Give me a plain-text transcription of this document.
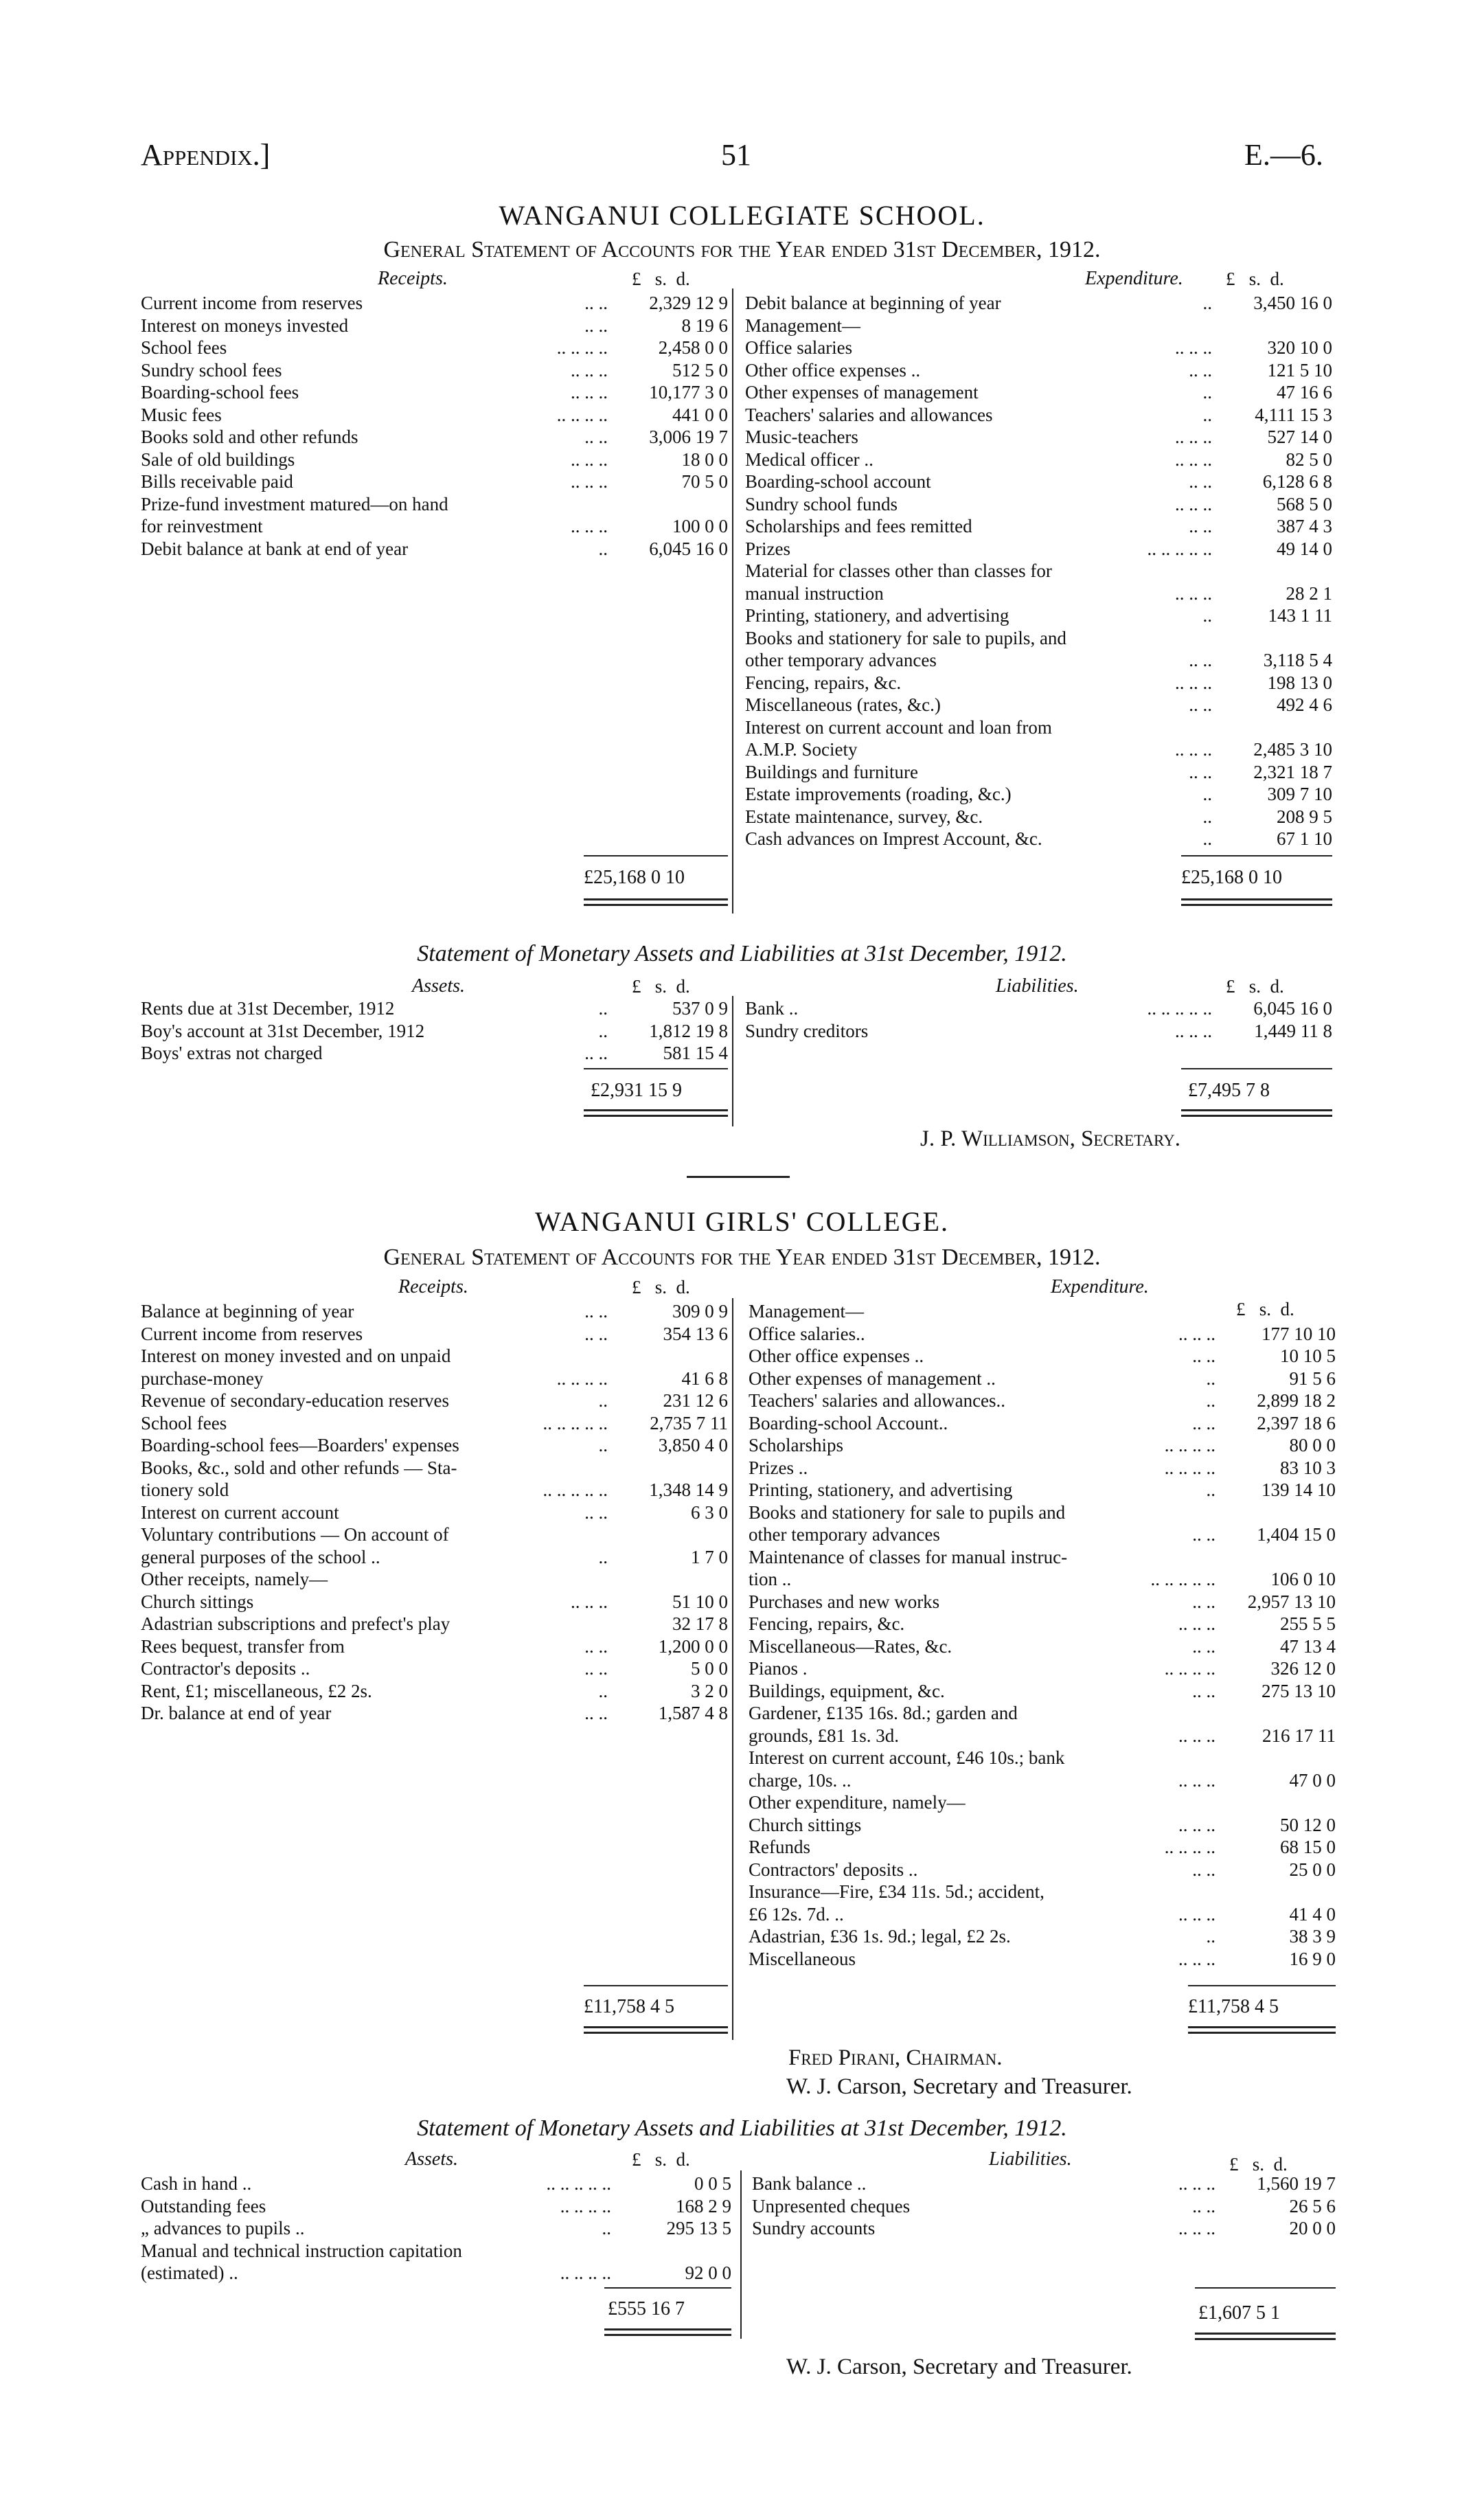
Appendix.]	51	E.—6.
WANGANUI COLLEGIATE SCHOOL.
General Statement of Accounts for the Year ended 31st December, 1912.
Receipts.	Expenditure.
£   s.  d.	£   s.  d.
Current income from reserves	.. .. 2,329 12 9
Interest on moneys invested	.. ..	8 19 6
School fees	.. .. .. ..	2,458 0 0
Sundry school fees	.. .. ..	512 5 0
Boarding-school fees	.. .. .. 10,177 3 0
Music fees	.. .. .. ..	441 0 0
Books sold and other refunds	.. .. 3,006 19 7
Sale of old buildings	.. .. ..	18 0 0
Bills receivable paid	.. .. ..	70 5 0
Prize-fund investment matured—on hand
for reinvestment	.. .. ..	100 0 0
Debit balance at bank at end of year	.. 6,045 16 0
Debit balance at beginning of year	.. 3,450 16 0
Management—
Office salaries	.. .. ..	320 10 0
Other office expenses ..	.. ..	121 5 10
Other expenses of management	..	47 16 6
Teachers' salaries and allowances	.. 4,111 15 3
Music-teachers	.. .. ..	527 14 0
Medical officer ..	.. .. ..	82 5 0
Boarding-school account	.. ..	6,128 6 8
Sundry school funds	.. .. ..	568 5 0
Scholarships and fees remitted	.. ..	387 4 3
Prizes	.. .. .. .. ..	49 14 0
Material for classes other than classes for
manual instruction	.. .. ..	28 2 1
Printing, stationery, and advertising	..	143 1 11
Books and stationery for sale to pupils, and
other temporary advances	.. ..	3,118 5 4
Fencing, repairs, &c.	.. .. ..	198 13 0
Miscellaneous (rates, &c.)	.. ..	492 4 6
Interest on current account and loan from
A.M.P. Society	.. .. .. 2,485 3 10
Buildings and furniture	.. .. 2,321 18 7
Estate improvements (roading, &c.)	..	309 7 10
Estate maintenance, survey, &c.	..	208 9 5
Cash advances on Imprest Account, &c.	..	67 1 10
£25,168 0 10	£25,168 0 10
Statement of Monetary Assets and Liabilities at 31st December, 1912.
Assets.	Liabilities.
£   s.  d.	£   s.  d.
Rents due at 31st December, 1912	..	537 0 9
Boy's account at 31st December, 1912	.. 1,812 19 8
Boys' extras not charged	.. ..	581 15 4
Bank ..	.. .. .. .. .. 6,045 16 0
Sundry creditors	.. .. .. 1,449 11 8
£2,931 15 9	£7,495 7 8
J. P. Williamson, Secretary.
WANGANUI GIRLS' COLLEGE.
General Statement of Accounts for the Year ended 31st December, 1912.
Receipts.	Expenditure.
£   s.  d.
£   s.  d.
Balance at beginning of year	.. ..	309 0 9
Current income from reserves	.. ..	354 13 6
Interest on money invested and on unpaid
purchase-money	.. .. .. ..	41 6 8
Revenue of secondary-education reserves	..	231 12 6
School fees	.. .. .. .. .. 2,735 7 11
Boarding-school fees—Boarders' expenses	..	3,850 4 0
Books, &c., sold and other refunds — Sta-
tionery sold	.. .. .. .. .. 1,348 14 9
Interest on current account	.. ..	6 3 0
Voluntary contributions — On account of
general purposes of the school ..	..	1 7 0
Other receipts, namely—
Church sittings	.. .. ..	51 10 0
Adastrian subscriptions and prefect's play	32 17 8
Rees bequest, transfer from	.. ..	1,200 0 0
Contractor's deposits ..	.. ..	5 0 0
Rent, £1; miscellaneous, £2 2s.	..	3 2 0
Dr. balance at end of year	.. ..	1,587 4 8
Management—
Office salaries..	.. .. .. 177 10 10
Other office expenses ..	.. ..	10 10 5
Other expenses of management ..	..	91 5 6
Teachers' salaries and allowances..	.. 2,899 18 2
Boarding-school Account..	.. .. 2,397 18 6
Scholarships	.. .. .. ..	80 0 0
Prizes ..	.. .. .. ..	83 10 3
Printing, stationery, and advertising	.. 139 14 10
Books and stationery for sale to pupils and
other temporary advances	.. .. 1,404 15 0
Maintenance of classes for manual instruc-
tion ..	.. .. .. .. ..	106 0 10
Purchases and new works	.. .. 2,957 13 10
Fencing, repairs, &c.	.. .. ..	255 5 5
Miscellaneous—Rates, &c.	.. ..	47 13 4
Pianos .	.. .. .. ..	326 12 0
Buildings, equipment, &c.	.. .. 275 13 10
Gardener, £135 16s. 8d.; garden and
grounds, £81 1s. 3d.	.. .. ..	216 17 11
Interest on current account, £46 10s.; bank
charge, 10s. ..	.. .. ..	47 0 0
Other expenditure, namely—
Church sittings	.. .. ..	50 12 0
Refunds	.. .. .. ..	68 15 0
Contractors' deposits ..	.. ..	25 0 0
Insurance—Fire, £34 11s. 5d.; accident,
£6 12s. 7d. ..	.. .. ..	41 4 0
Adastrian, £36 1s. 9d.; legal, £2 2s.	..	38 3 9
Miscellaneous	.. .. ..	16 9 0
£11,758 4 5	£11,758 4 5
Fred Pirani, Chairman.
W. J. Carson, Secretary and Treasurer.
Statement of Monetary Assets and Liabilities at 31st December, 1912.
Assets.	Liabilities.
£   s.  d.	£   s.  d.
Cash in hand ..	.. .. .. .. ..	0 0 5
Outstanding fees	.. .. .. ..	168 2 9
„ advances to pupils ..	..	295 13 5
Manual and technical instruction capitation
(estimated) ..	.. .. .. ..	92 0 0
Bank balance ..	.. .. .. 1,560 19 7
Unpresented cheques	.. ..	26 5 6
Sundry accounts	.. .. ..	20 0 0
£555 16 7	£1,607 5 1
W. J. Carson, Secretary and Treasurer.
